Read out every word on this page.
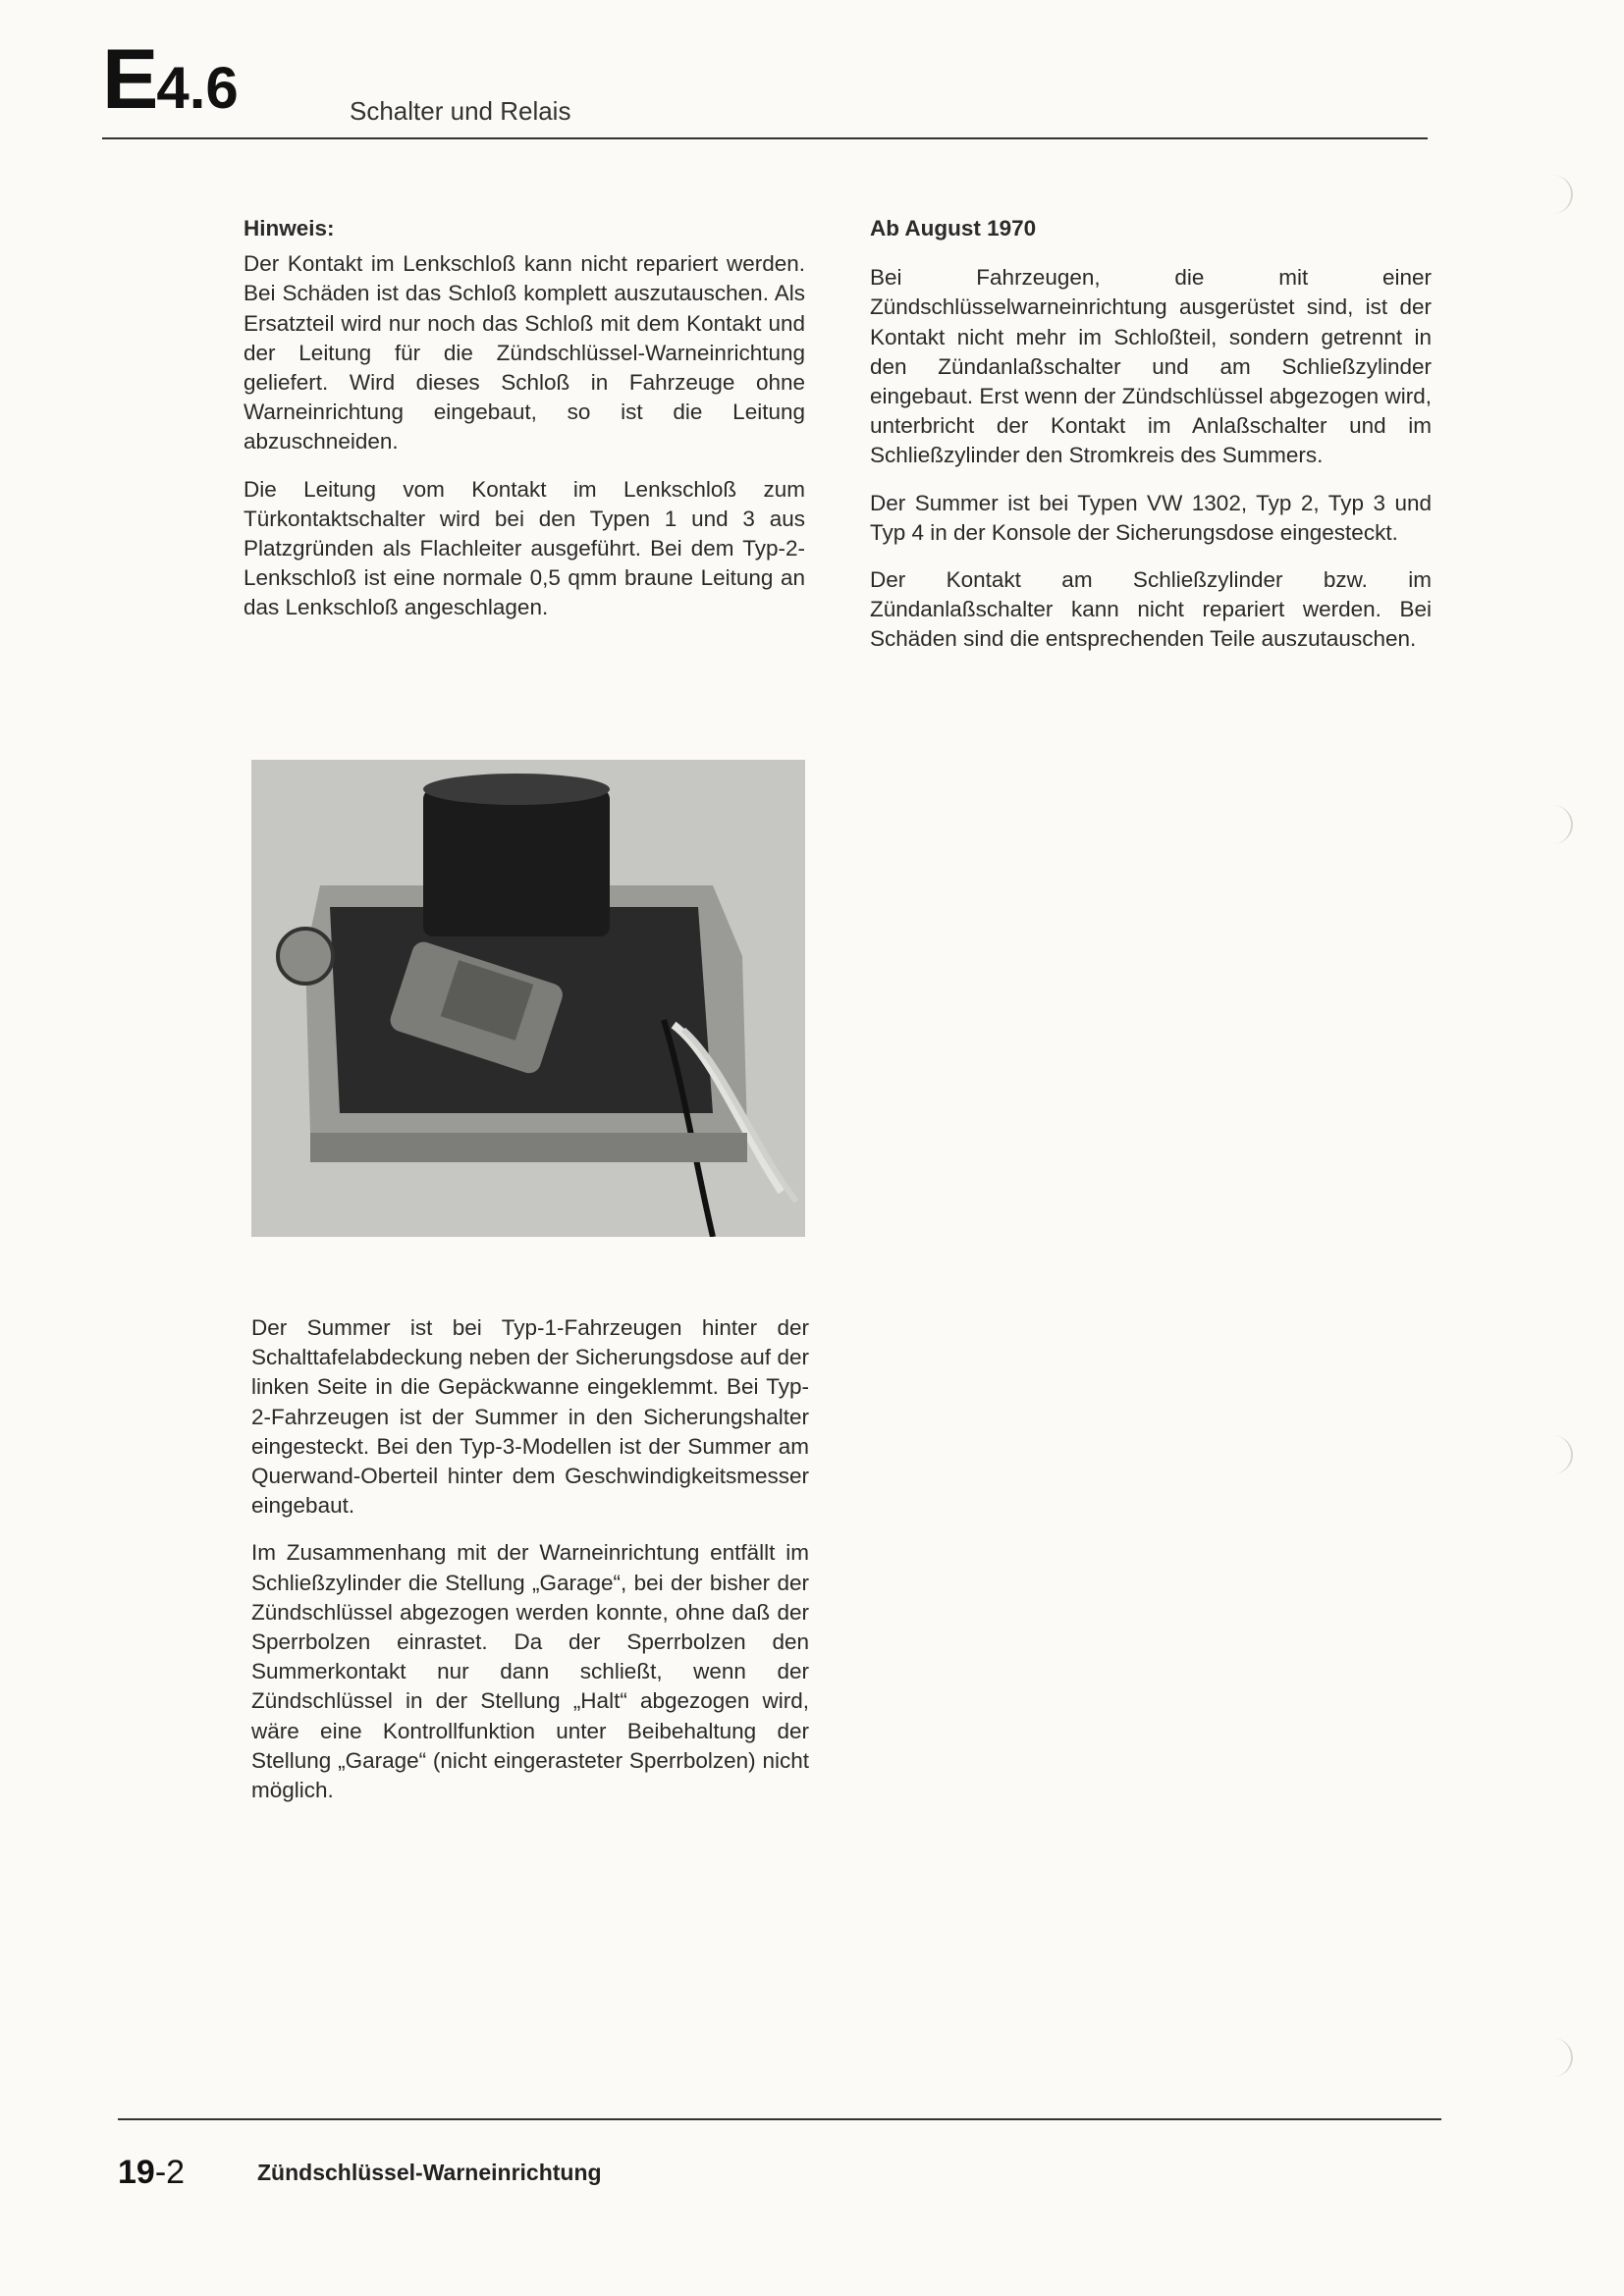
E4.6	Schalter und Relais

Hinweis:

Der Kontakt im Lenkschloß kann nicht repariert werden. Bei Schäden ist das Schloß komplett auszutauschen. Als Ersatzteil wird nur noch das Schloß mit dem Kontakt und der Leitung für die Zündschlüssel-Warneinrichtung geliefert. Wird dieses Schloß in Fahrzeuge ohne Warneinrichtung eingebaut, so ist die Leitung abzuschneiden.

Die Leitung vom Kontakt im Lenkschloß zum Türkontaktschalter wird bei den Typen 1 und 3 aus Platzgründen als Flachleiter ausgeführt. Bei dem Typ-2-Lenkschloß ist eine normale 0,5 qmm braune Leitung an das Lenkschloß angeschlagen.

Ab August 1970

Bei Fahrzeugen, die mit einer Zündschlüsselwarneinrichtung ausgerüstet sind, ist der Kontakt nicht mehr im Schloßteil, sondern getrennt in den Zündanlaßschalter und am Schließzylinder eingebaut. Erst wenn der Zündschlüssel abgezogen wird, unterbricht der Kontakt im Anlaßschalter und im Schließzylinder den Stromkreis des Summers.

Der Summer ist bei Typen VW 1302, Typ 2, Typ 3 und Typ 4 in der Konsole der Sicherungsdose eingesteckt.

Der Kontakt am Schließzylinder bzw. im Zündanlaßschalter kann nicht repariert werden. Bei Schäden sind die entsprechenden Teile auszutauschen.

Der Summer ist bei Typ-1-Fahrzeugen hinter der Schalttafelabdeckung neben der Sicherungsdose auf der linken Seite in die Gepäckwanne eingeklemmt. Bei Typ-2-Fahrzeugen ist der Summer in den Sicherungshalter eingesteckt. Bei den Typ-3-Modellen ist der Summer am Querwand-Oberteil hinter dem Geschwindigkeitsmesser eingebaut.

Im Zusammenhang mit der Warneinrichtung entfällt im Schließzylinder die Stellung „Garage“, bei der bisher der Zündschlüssel abgezogen werden konnte, ohne daß der Sperrbolzen einrastet. Da der Sperrbolzen den Summerkontakt nur dann schließt, wenn der Zündschlüssel in der Stellung „Halt“ abgezogen wird, wäre eine Kontrollfunktion unter Beibehaltung der Stellung „Garage“ (nicht eingerasteter Sperrbolzen) nicht möglich.

19-2	Zündschlüssel-Warneinrichtung
